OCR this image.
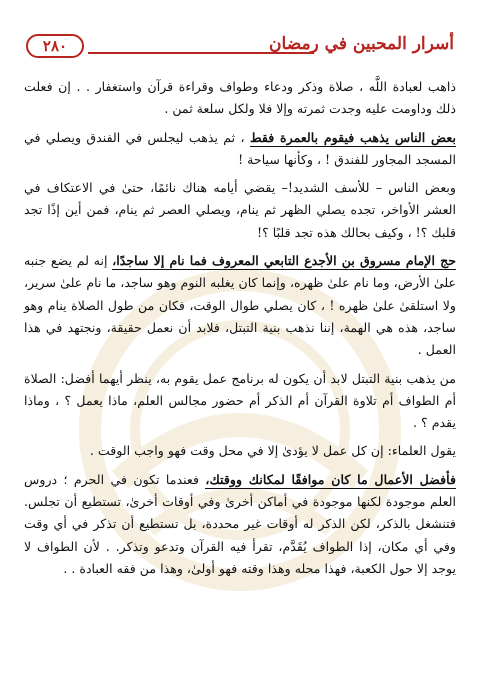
٢٨٠	أسرار المحبين في رمضان

ذاهب لعبادة اللَّه ، صلاة وذكر ودعاء وطواف وقراءة قرآن واستغفار . . إن فعلت ذلك وداومت عليه وجدت ثمرته وإلا فلا ولكل سلعة ثمن .

بعض الناس يذهب فيقوم بالعمرة فقط ، ثم يذهب ليجلس في الفندق ويصلي في المسجد المجاور للفندق ! ، وكأنها سياحة !

وبعض الناس – للأسف الشديد!– يقضي أيامه هناك نائمًا، حتىٰ في الاعتكاف في العشر الأواخر، تجده يصلي الظهر ثم ينام، ويصلي العصر ثم ينام، فمن أين إذًا تجد قلبك ؟! ، وكيف بحالك هذه تجد قلبًا ؟!

حج الإمام مسروق بن الأجدع التابعي المعروف فما نام إلا ساجدًا، إنه لم يضع جنبه علىٰ الأرض، وما نام علىٰ ظهره، وإنما كان يغلبه النوم وهو ساجد، ما نام علىٰ سرير، ولا استلقىٰ علىٰ ظهره ! ، كان يصلي طوال الوقت، فكان من طول الصلاة ينام وهو ساجد، هذه هي الهمة، إننا نذهب بنية التبتل، فلابد أن نعمل حقيقة، ونجتهد في هذا العمل .

من يذهب بنية التبتل لابد أن يكون له برنامج عمل يقوم به، ينظر أيهما أفضل: الصلاة أم الطواف أم تلاوة القرآن أم الذكر أم حضور مجالس العلم، ماذا يعمل ؟ ، وماذا يقدم ؟ .

يقول العلماء: إن كل عمل لا يؤدىٰ إلا في محل وقت فهو واجب الوقت .

فأفضل الأعمال ما كان موافقًا لمكانك ووقتك، فعندما تكون في الحرم ؛ دروس العلم موجودة لكنها موجودة في أماكن أخرىٰ وفي أوقات أخرىٰ، تستطيع أن تجلس. فتنشغل بالذكر، لكن الذكر له أوقات غير محددة، بل تستطيع أن تذكر في أي وقت وفي أي مكان، إذا الطواف يُقَدَّم، تقرأ فيه القرآن وتدعو وتذكر. . لأن الطواف لا يوجد إلا حول الكعبة، فهذا محله وهذا وقته فهو أولىٰ، وهذا من فقه العبادة . .
